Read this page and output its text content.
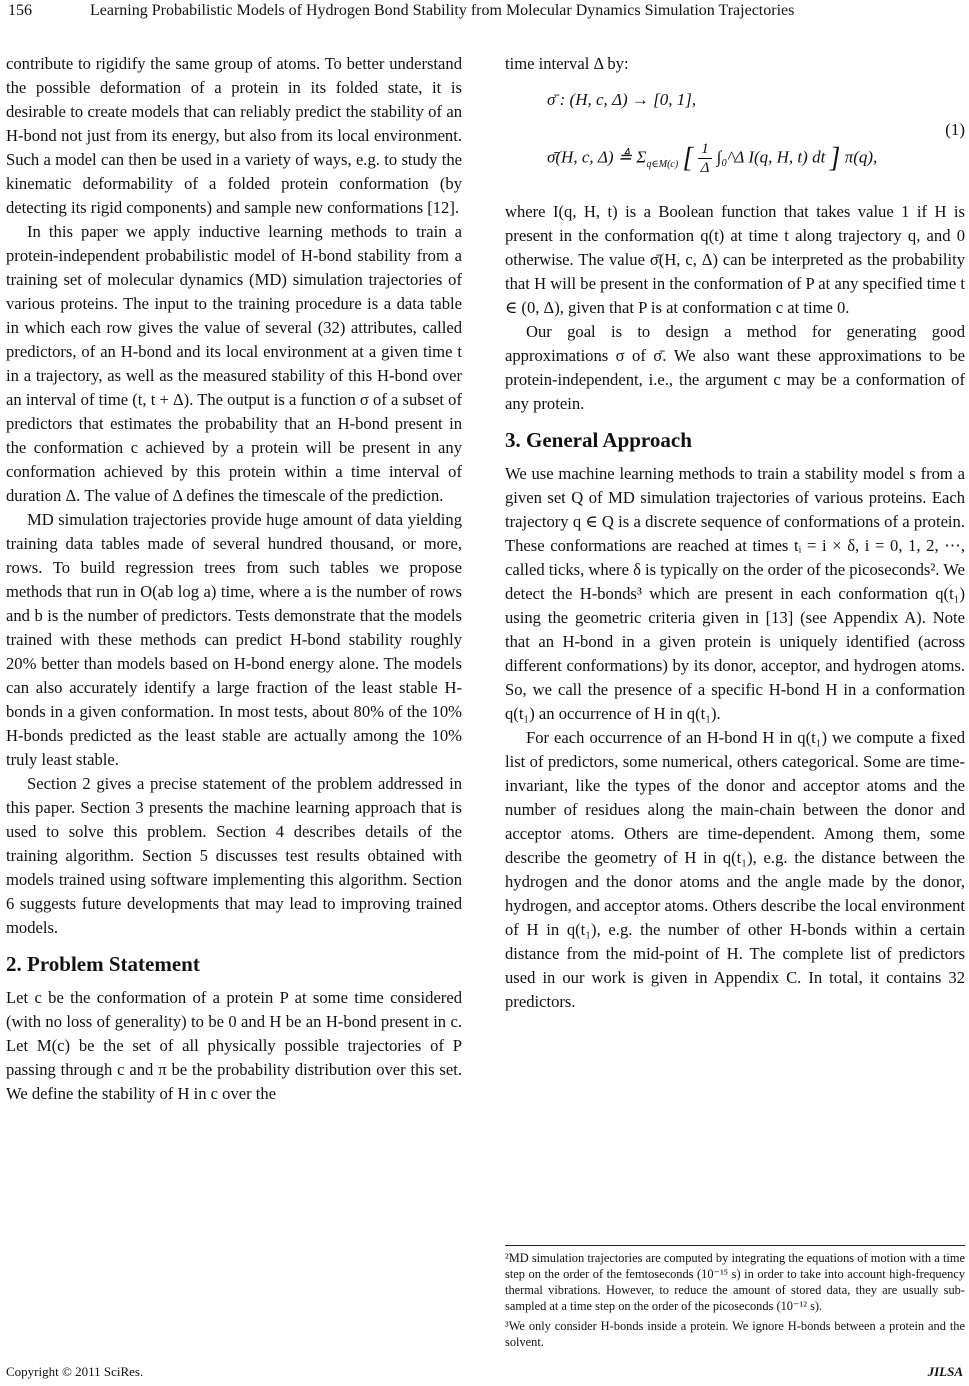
156	Learning Probabilistic Models of Hydrogen Bond Stability from Molecular Dynamics Simulation Trajectories

contribute to rigidify the same group of atoms. To better understand the possible deformation of a protein in its folded state, it is desirable to create models that can reliably predict the stability of an H-bond not just from its energy, but also from its local environment. Such a model can then be used in a variety of ways, e.g. to study the kinematic deformability of a folded protein conformation (by detecting its rigid components) and sample new conformations [12].

In this paper we apply inductive learning methods to train a protein-independent probabilistic model of H-bond stability from a training set of molecular dynamics (MD) simulation trajectories of various proteins. The input to the training procedure is a data table in which each row gives the value of several (32) attributes, called predictors, of an H-bond and its local environment at a given time t in a trajectory, as well as the measured stability of this H-bond over an interval of time (t, t + Δ). The output is a function σ of a subset of predictors that estimates the probability that an H-bond present in the conformation c achieved by a protein will be present in any conformation achieved by this protein within a time interval of duration Δ. The value of Δ defines the timescale of the prediction.

MD simulation trajectories provide huge amount of data yielding training data tables made of several hundred thousand, or more, rows. To build regression trees from such tables we propose methods that run in O(ab log a) time, where a is the number of rows and b is the number of predictors. Tests demonstrate that the models trained with these methods can predict H-bond stability roughly 20% better than models based on H-bond energy alone. The models can also accurately identify a large fraction of the least stable H-bonds in a given conformation. In most tests, about 80% of the 10% H-bonds predicted as the least stable are actually among the 10% truly least stable.

Section 2 gives a precise statement of the problem addressed in this paper. Section 3 presents the machine learning approach that is used to solve this problem. Section 4 describes details of the training algorithm. Section 5 discusses test results obtained with models trained using software implementing this algorithm. Section 6 suggests future developments that may lead to improving trained models.

2. Problem Statement

Let c be the conformation of a protein P at some time considered (with no loss of generality) to be 0 and H be an H-bond present in c. Let M(c) be the set of all physically possible trajectories of P passing through c and π be the probability distribution over this set. We define the stability of H in c over the

time interval Δ by:

σ̄ : (H, c, Δ) → [0, 1],
σ̄(H, c, Δ) ≜ $\Sigma_{q\in M(c)}$ [ $\frac{1}{\Delta}$ ∫₀^Δ I(q, H, t) dt ] π(q),
(1)

where I(q, H, t) is a Boolean function that takes value 1 if H is present in the conformation q(t) at time t along trajectory q, and 0 otherwise. The value σ̄(H, c, Δ) can be interpreted as the probability that H will be present in the conformation of P at any specified time t ∈ (0, Δ), given that P is at conformation c at time 0.

Our goal is to design a method for generating good approximations σ of σ̄. We also want these approximations to be protein-independent, i.e., the argument c may be a conformation of any protein.

3. General Approach

We use machine learning methods to train a stability model s from a given set Q of MD simulation trajectories of various proteins. Each trajectory q ∈ Q is a discrete sequence of conformations of a protein. These conformations are reached at times tᵢ = i × δ, i = 0, 1, 2, ⋯, called ticks, where δ is typically on the order of the picoseconds². We detect the H-bonds³ which are present in each conformation q(t₁) using the geometric criteria given in [13] (see Appendix A). Note that an H-bond in a given protein is uniquely identified (across different conformations) by its donor, acceptor, and hydrogen atoms. So, we call the presence of a specific H-bond H in a conformation q(t₁) an occurrence of H in q(t₁).

For each occurrence of an H-bond H in q(t₁) we compute a fixed list of predictors, some numerical, others categorical. Some are time-invariant, like the types of the donor and acceptor atoms and the number of residues along the main-chain between the donor and acceptor atoms. Others are time-dependent. Among them, some describe the geometry of H in q(t₁), e.g. the distance between the hydrogen and the donor atoms and the angle made by the donor, hydrogen, and acceptor atoms. Others describe the local environment of H in q(t₁), e.g. the number of other H-bonds within a certain distance from the mid-point of H. The complete list of predictors used in our work is given in Appendix C. In total, it contains 32 predictors.

²MD simulation trajectories are computed by integrating the equations of motion with a time step on the order of the femtoseconds (10⁻¹⁵ s) in order to take into account high-frequency thermal vibrations. However, to reduce the amount of stored data, they are usually sub-sampled at a time step on the order of the picoseconds (10⁻¹² s).
³We only consider H-bonds inside a protein. We ignore H-bonds between a protein and the solvent.
Copyright © 2011 SciRes.	JILSA
